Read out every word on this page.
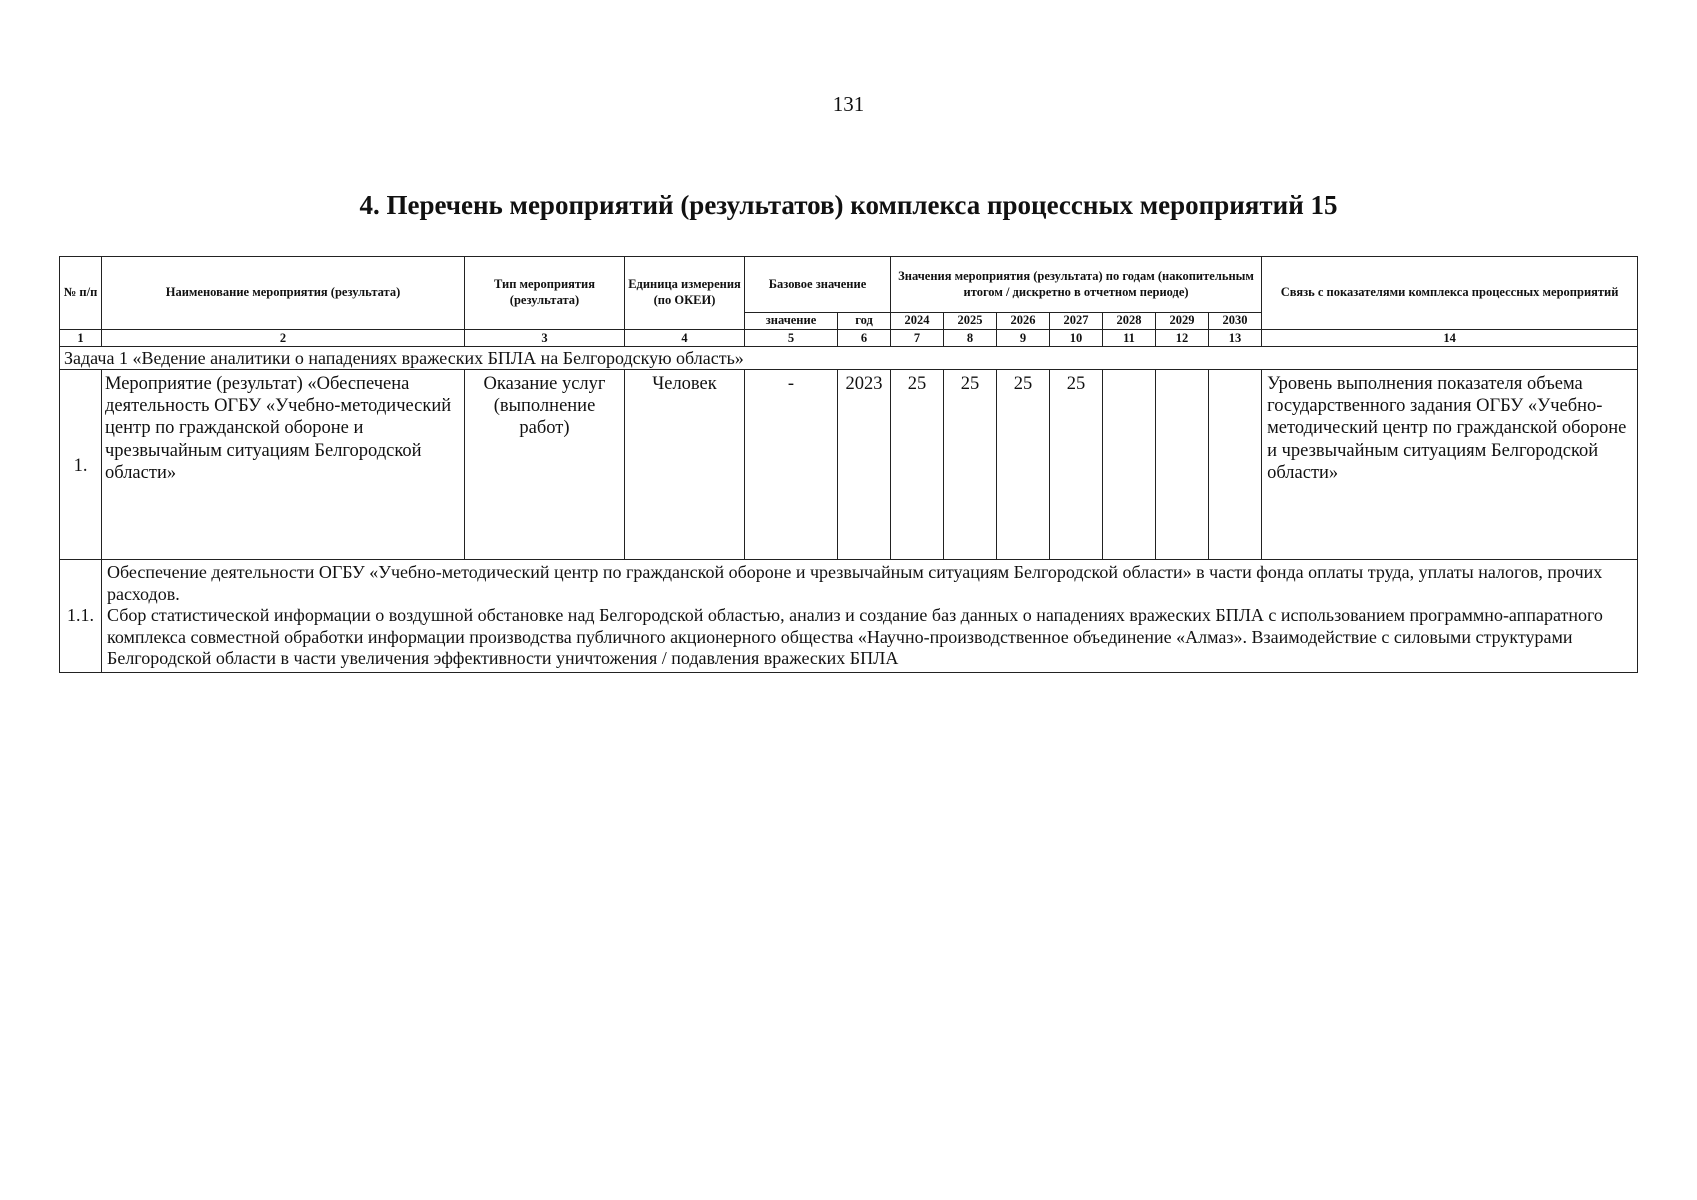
131
4. Перечень мероприятий (результатов) комплекса процессных мероприятий 15
№ п/п	Наименование мероприятия (результата)	Тип мероприятия (результата)	Единица измерения (по ОКЕИ)	Базовое значение		Значения мероприятия (результата) по годам (накопительным итогом / дискретно в отчетном периоде)							Связь с показателями комплекса процессных мероприятий
				значение	год	2024	2025	2026	2027	2028	2029	2030	
1	2	3	4	5	6	7	8	9	10	11	12	13	14
Задача 1 «Ведение аналитики о нападениях вражеских БПЛА на Белгородскую область»													
1.	Мероприятие (результат) «Обеспечена деятельность ОГБУ «Учебно-методический центр по гражданской обороне и чрезвычайным ситуациям Белгородской области»	Оказание услуг (выполнение работ)	Человек	-	2023	25	25	25	25				Уровень выполнения показателя объема государственного задания ОГБУ «Учебно-методический центр по гражданской обороне и чрезвычайным ситуациям Белгородской области»
1.1.	Обеспечение деятельности ОГБУ «Учебно-методический центр по гражданской обороне и чрезвычайным ситуациям Белгородской области» в части фонда оплаты труда, уплаты налогов, прочих расходов.
Сбор статистической информации о воздушной обстановке над Белгородской областью, анализ и создание баз данных о нападениях вражеских БПЛА с использованием программно-аппаратного комплекса совместной обработки информации производства публичного акционерного общества «Научно-производственное объединение «Алмаз». Взаимодействие с силовыми структурами Белгородской области в части увеличения эффективности уничтожения / подавления вражеских БПЛА												
